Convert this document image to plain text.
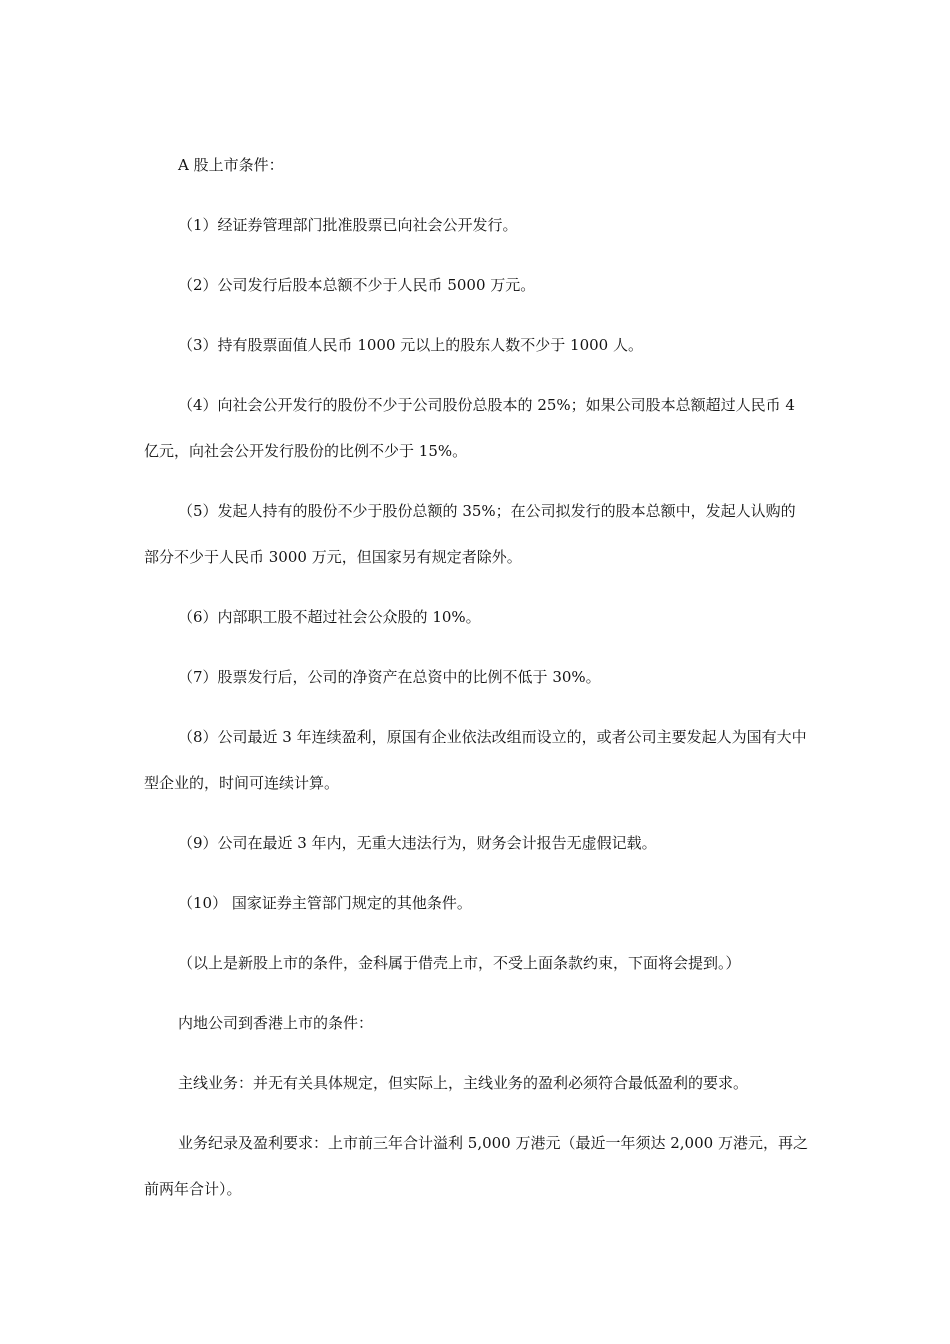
A 股上市条件：

（1）经证券管理部门批准股票已向社会公开发行。

（2）公司发行后股本总额不少于人民币 5000 万元。

（3）持有股票面值人民币 1000 元以上的股东人数不少于 1000 人。

（4）向社会公开发行的股份不少于公司股份总股本的 25%；如果公司股本总额超过人民币 4 亿元，向社会公开发行股份的比例不少于 15%。

（5）发起人持有的股份不少于股份总额的 35%；在公司拟发行的股本总额中，发起人认购的部分不少于人民币 3000 万元，但国家另有规定者除外。

（6）内部职工股不超过社会公众股的 10%。

（7）股票发行后，公司的净资产在总资中的比例不低于 30%。

（8）公司最近 3 年连续盈利，原国有企业依法改组而设立的，或者公司主要发起人为国有大中型企业的，时间可连续计算。

（9）公司在最近 3 年内，无重大违法行为，财务会计报告无虚假记载。

（10） 国家证券主管部门规定的其他条件。

（以上是新股上市的条件，金科属于借壳上市，不受上面条款约束，下面将会提到。）

内地公司到香港上市的条件：

主线业务：并无有关具体规定，但实际上，主线业务的盈利必须符合最低盈利的要求。

业务纪录及盈利要求：上市前三年合计溢利 5,000 万港元（最近一年须达 2,000 万港元，再之前两年合计）。
